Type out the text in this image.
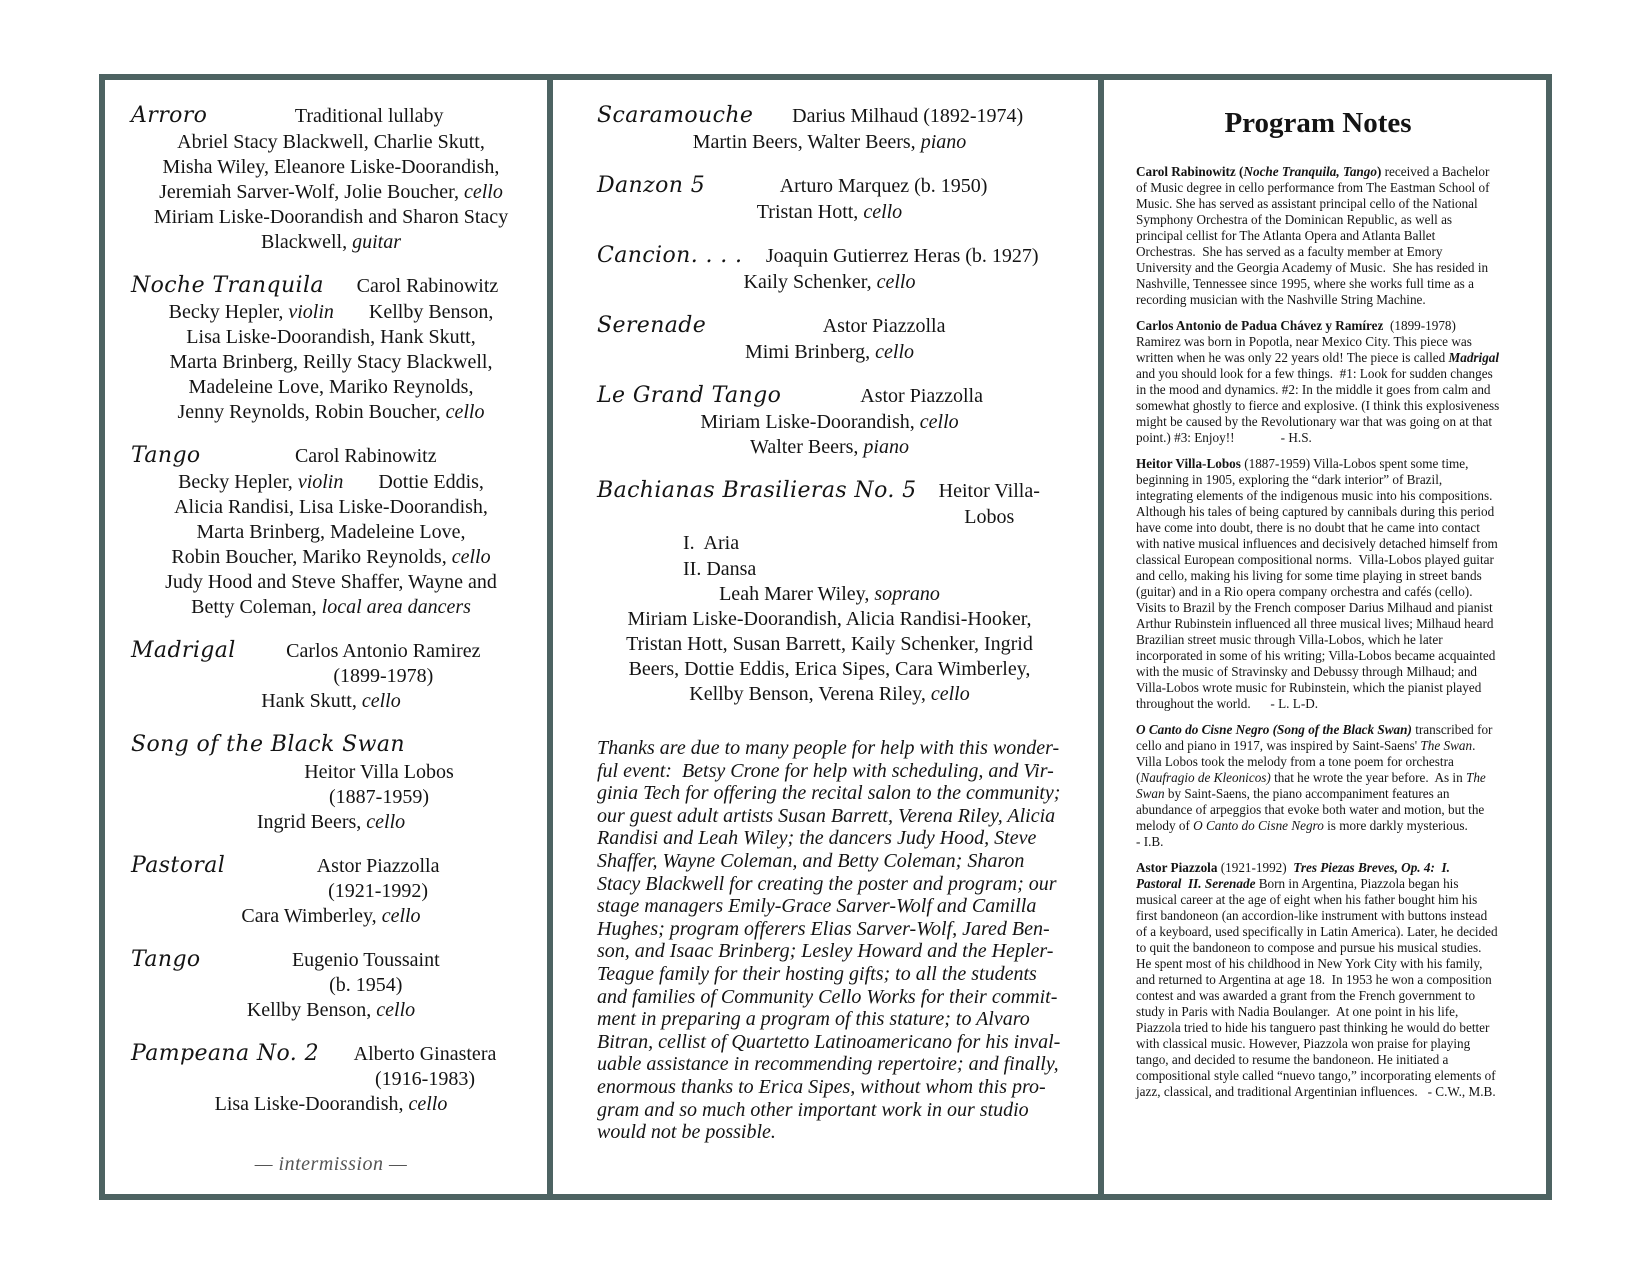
Arroro	Traditional lullaby
Abriel Stacy Blackwell, Charlie Skutt,
Misha Wiley, Eleanore Liske-Doorandish,
Jeremiah Sarver-Wolf, Jolie Boucher, cello
Miriam Liske-Doorandish and Sharon Stacy
Blackwell, guitar
Noche Tranquila	Carol Rabinowitz
Becky Hepler, violin       Kellby Benson,
Lisa Liske-Doorandish, Hank Skutt,
Marta Brinberg, Reilly Stacy Blackwell,
Madeleine Love, Mariko Reynolds,
Jenny Reynolds, Robin Boucher, cello
Tango	Carol Rabinowitz
Becky Hepler, violin       Dottie Eddis,
Alicia Randisi, Lisa Liske-Doorandish,
Marta Brinberg, Madeleine Love,
Robin Boucher, Mariko Reynolds, cello
Judy Hood and Steve Shaffer, Wayne and
Betty Coleman, local area dancers
Madrigal	Carlos Antonio Ramirez
(1899-1978)
Hank Skutt, cello
Song of the Black Swan
Heitor Villa Lobos
(1887-1959)
Ingrid Beers, cello
Pastoral	Astor Piazzolla
(1921-1992)
Cara Wimberley, cello
Tango	Eugenio Toussaint
(b. 1954)
Kellby Benson, cello
Pampeana No. 2	Alberto Ginastera
(1916-1983)
Lisa Liske-Doorandish, cello
— intermission —
Scaramouche	Darius Milhaud (1892-1974)
Martin Beers, Walter Beers, piano
Danzon 5	Arturo Marquez (b. 1950)
Tristan Hott, cello
Cancion. . . .	Joaquin Gutierrez Heras (b. 1927)
Kaily Schenker, cello
Serenade	Astor Piazzolla
Mimi Brinberg, cello
Le Grand Tango	Astor Piazzolla
Miriam Liske-Doorandish, cello
Walter Beers, piano
Bachianas Brasilieras No. 5	Heitor Villa-Lobos
I.  Aria
II. Dansa
Leah Marer Wiley, soprano
Miriam Liske-Doorandish, Alicia Randisi-Hooker,
Tristan Hott, Susan Barrett, Kaily Schenker, Ingrid
Beers, Dottie Eddis, Erica Sipes, Cara Wimberley,
Kellby Benson, Verena Riley, cello
Thanks are due to many people for help with this wonder-
ful event:  Betsy Crone for help with scheduling, and Vir-
ginia Tech for offering the recital salon to the community;
our guest adult artists Susan Barrett, Verena Riley, Alicia
Randisi and Leah Wiley; the dancers Judy Hood, Steve
Shaffer, Wayne Coleman, and Betty Coleman; Sharon
Stacy Blackwell for creating the poster and program; our
stage managers Emily-Grace Sarver-Wolf and Camilla
Hughes; program offerers Elias Sarver-Wolf, Jared Ben-
son, and Isaac Brinberg; Lesley Howard and the Hepler-
Teague family for their hosting gifts; to all the students
and families of Community Cello Works for their commit-
ment in preparing a program of this stature; to Alvaro
Bitran, cellist of Quartetto Latinoamericano for his inval-
uable assistance in recommending repertoire; and finally,
enormous thanks to Erica Sipes, without whom this pro-
gram and so much other important work in our studio
would not be possible.
Program Notes
Carol Rabinowitz (Noche Tranquila, Tango) received a Bachelor of Music degree in cello performance from The Eastman School of Music. She has served as assistant principal cello of the National Symphony Orchestra of the Dominican Republic, as well as principal cellist for The Atlanta Opera and Atlanta Ballet Orchestras.  She has served as a faculty member at Emory University and the Georgia Academy of Music.  She has resided in Nashville, Tennessee since 1995, where she works full time as a recording musician with the Nashville String Machine.
Carlos Antonio de Padua Chávez y Ramírez  (1899-1978) Ramirez was born in Popotla, near Mexico City. This piece was written when he was only 22 years old! The piece is called Madrigal and you should look for a few things.  #1: Look for sudden changes in the mood and dynamics. #2: In the middle it goes from calm and somewhat ghostly to fierce and explosive. (I think this explosiveness might be caused by the Revolutionary war that was going on at that point.) #3: Enjoy!!              - H.S.
Heitor Villa-Lobos (1887-1959) Villa-Lobos spent some time, beginning in 1905, exploring the “dark interior” of Brazil, integrating elements of the indigenous music into his compositions. Although his tales of being captured by cannibals during this period have come into doubt, there is no doubt that he came into contact with native musical influences and decisively detached himself from classical European compositional norms.  Villa-Lobos played guitar and cello, making his living for some time playing in street bands (guitar) and in a Rio opera company orchestra and cafés (cello). Visits to Brazil by the French composer Darius Milhaud and pianist Arthur Rubinstein influenced all three musical lives; Milhaud heard Brazilian street music through Villa-Lobos, which he later incorporated in some of his writing; Villa-Lobos became acquainted with the music of Stravinsky and Debussy through Milhaud; and Villa-Lobos wrote music for Rubinstein, which the pianist played throughout the world.      - L. L-D.
O Canto do Cisne Negro (Song of the Black Swan) transcribed for cello and piano in 1917, was inspired by Saint-Saens' The Swan.  Villa Lobos took the melody from a tone poem for orchestra (Naufragio de Kleonicos) that he wrote the year before.  As in The Swan by Saint-Saens, the piano accompaniment features an abundance of arpeggios that evoke both water and motion, but the melody of O Canto do Cisne Negro is more darkly mysterious.
- I.B.
Astor Piazzola (1921-1992)  Tres Piezas Breves, Op. 4:  I. Pastoral  II. Serenade Born in Argentina, Piazzola began his musical career at the age of eight when his father bought him his first bandoneon (an accordion-like instrument with buttons instead of a keyboard, used specifically in Latin America). Later, he decided to quit the bandoneon to compose and pursue his musical studies. He spent most of his childhood in New York City with his family, and returned to Argentina at age 18.  In 1953 he won a composition contest and was awarded a grant from the French government to study in Paris with Nadia Boulanger.  At one point in his life, Piazzola tried to hide his tanguero past thinking he would do better with classical music. However, Piazzola won praise for playing tango, and decided to resume the bandoneon. He initiated a compositional style called “nuevo tango,” incorporating elements of jazz, classical, and traditional Argentinian influences.   - C.W., M.B.
